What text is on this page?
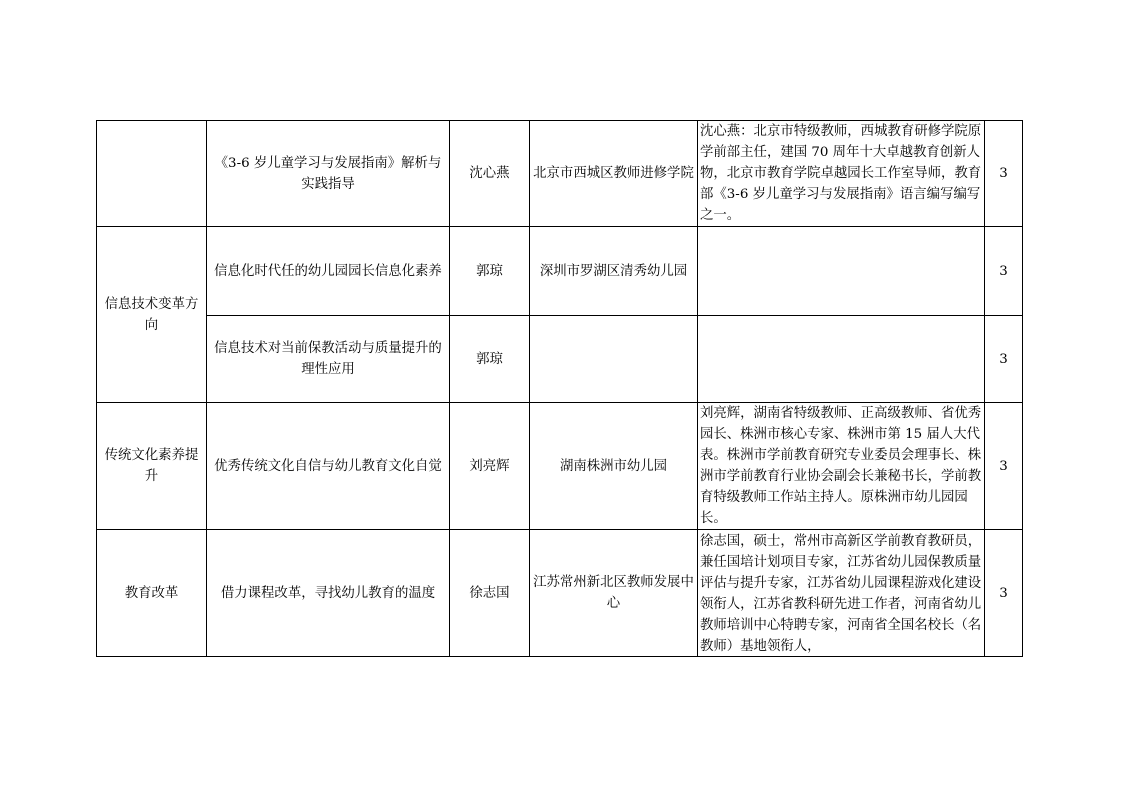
	《3-6 岁儿童学习与发展指南》解析与实践指导	沈心燕	北京市西城区教师进修学院	沈心燕：北京市特级教师，西城教育研修学院原学前部主任，建国 70 周年十大卓越教育创新人物，北京市教育学院卓越园长工作室导师，教育部《3-6 岁儿童学习与发展指南》语言编写编写之一。	3
信息技术变革方向	信息化时代任的幼儿园园长信息化素养	郭琼	深圳市罗湖区清秀幼儿园		3
	信息技术对当前保教活动与质量提升的理性应用	郭琼			3
传统文化素养提升	优秀传统文化自信与幼儿教育文化自觉	刘亮辉	湖南株洲市幼儿园	刘亮辉，湖南省特级教师、正高级教师、省优秀园长、株洲市核心专家、株洲市第 15 届人大代表。株洲市学前教育研究专业委员会理事长、株洲市学前教育行业协会副会长兼秘书长，学前教育特级教师工作站主持人。原株洲市幼儿园园长。	3
教育改革	借力课程改革，寻找幼儿教育的温度	徐志国	江苏常州新北区教师发展中心	徐志国，硕士，常州市高新区学前教育教研员，兼任国培计划项目专家，江苏省幼儿园保教质量评估与提升专家，江苏省幼儿园课程游戏化建设领衔人，江苏省教科研先进工作者，河南省幼儿教师培训中心特聘专家，河南省全国名校长（名教师）基地领衔人，	3
